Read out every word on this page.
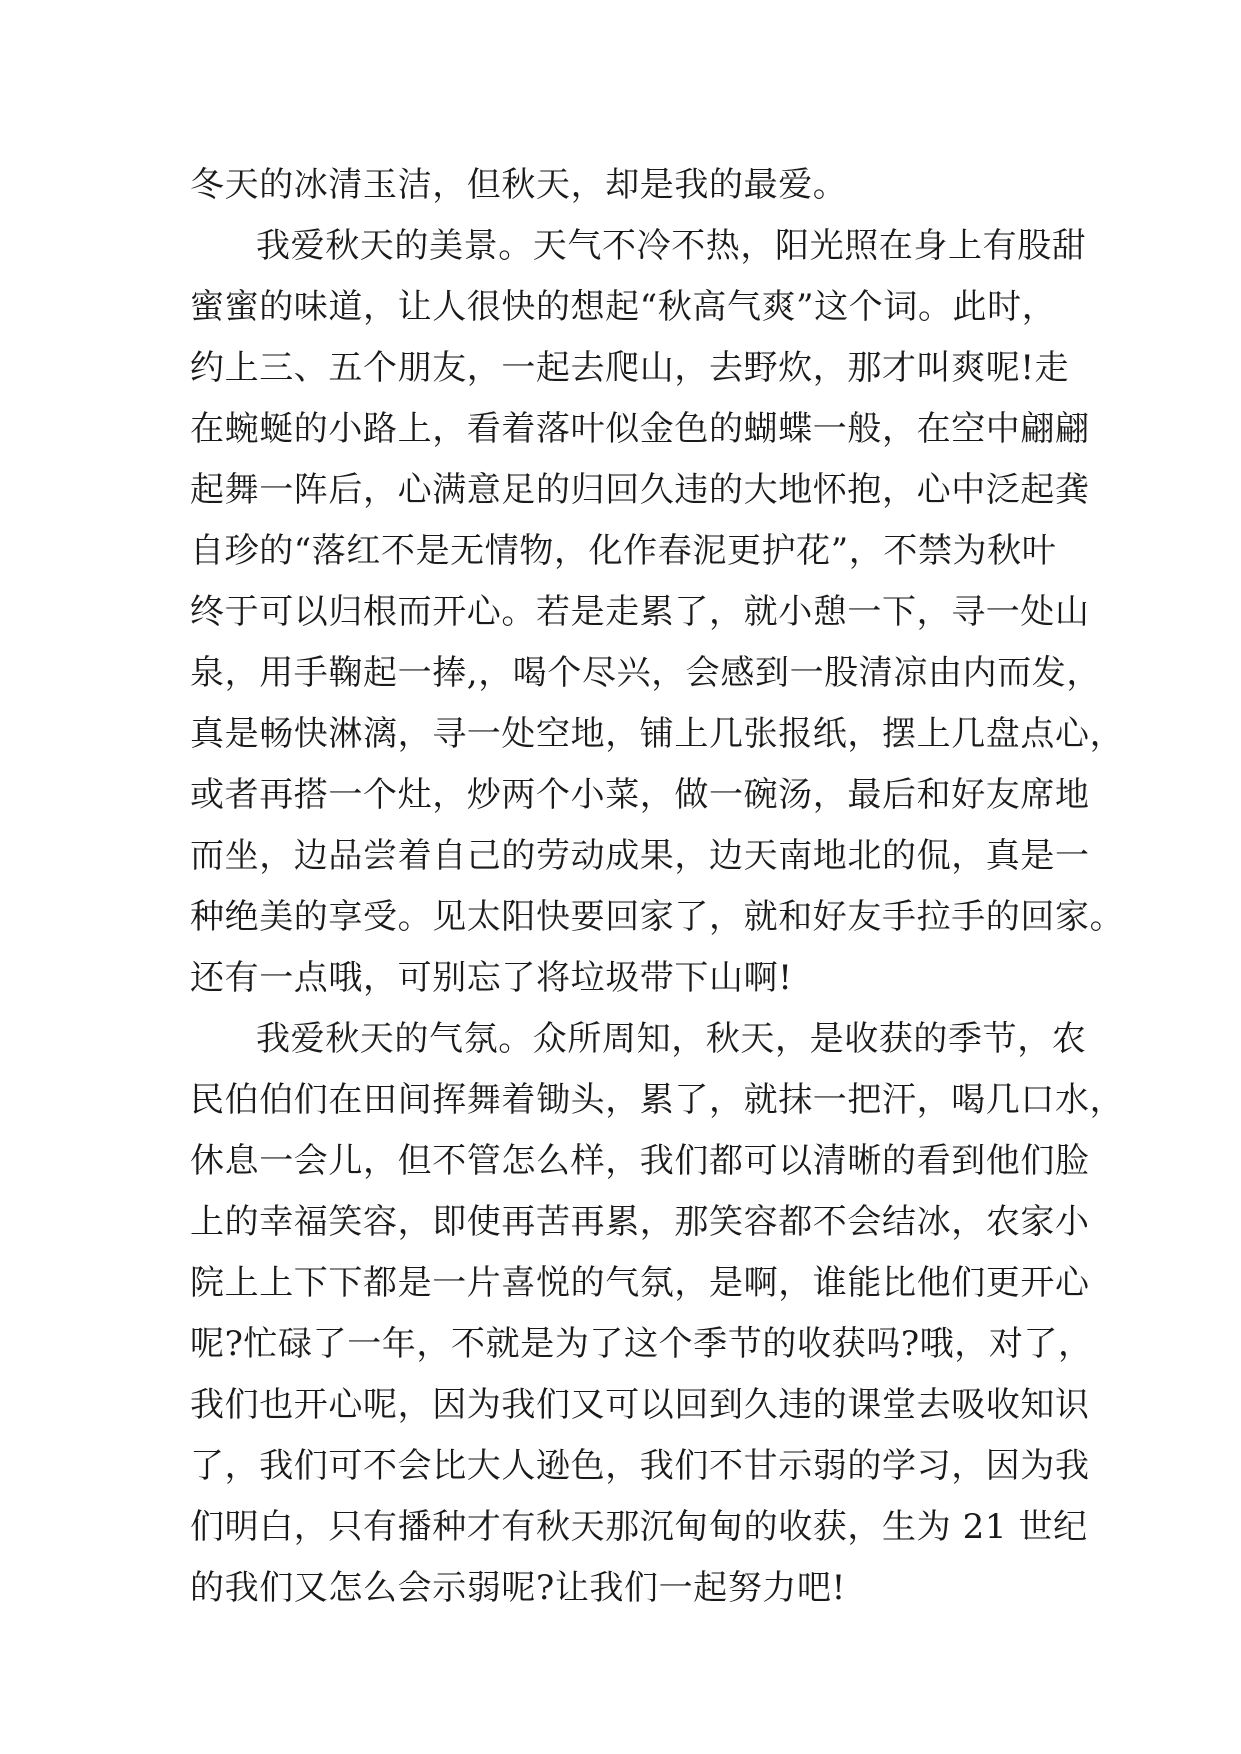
冬天的冰清玉洁，但秋天，却是我的最爱。
我爱秋天的美景。天气不冷不热，阳光照在身上有股甜
蜜蜜的味道，让人很快的想起“秋高气爽”这个词。此时，
约上三、五个朋友，一起去爬山，去野炊，那才叫爽呢!走
在蜿蜒的小路上，看着落叶似金色的蝴蝶一般，在空中翩翩
起舞一阵后，心满意足的归回久违的大地怀抱，心中泛起龚
自珍的“落红不是无情物，化作春泥更护花”，不禁为秋叶
终于可以归根而开心。若是走累了，就小憩一下，寻一处山
泉，用手鞠起一捧,，喝个尽兴，会感到一股清凉由内而发，
真是畅快淋漓，寻一处空地，铺上几张报纸，摆上几盘点心，
或者再搭一个灶，炒两个小菜，做一碗汤，最后和好友席地
而坐，边品尝着自己的劳动成果，边天南地北的侃，真是一
种绝美的享受。见太阳快要回家了，就和好友手拉手的回家。
还有一点哦，可别忘了将垃圾带下山啊!
我爱秋天的气氛。众所周知，秋天，是收获的季节，农
民伯伯们在田间挥舞着锄头，累了，就抹一把汗，喝几口水，
休息一会儿，但不管怎么样，我们都可以清晰的看到他们脸
上的幸福笑容，即使再苦再累，那笑容都不会结冰，农家小
院上上下下都是一片喜悦的气氛，是啊，谁能比他们更开心
呢?忙碌了一年，不就是为了这个季节的收获吗?哦，对了，
我们也开心呢，因为我们又可以回到久违的课堂去吸收知识
了，我们可不会比大人逊色，我们不甘示弱的学习，因为我
们明白，只有播种才有秋天那沉甸甸的收获，生为 21 世纪
的我们又怎么会示弱呢?让我们一起努力吧!
